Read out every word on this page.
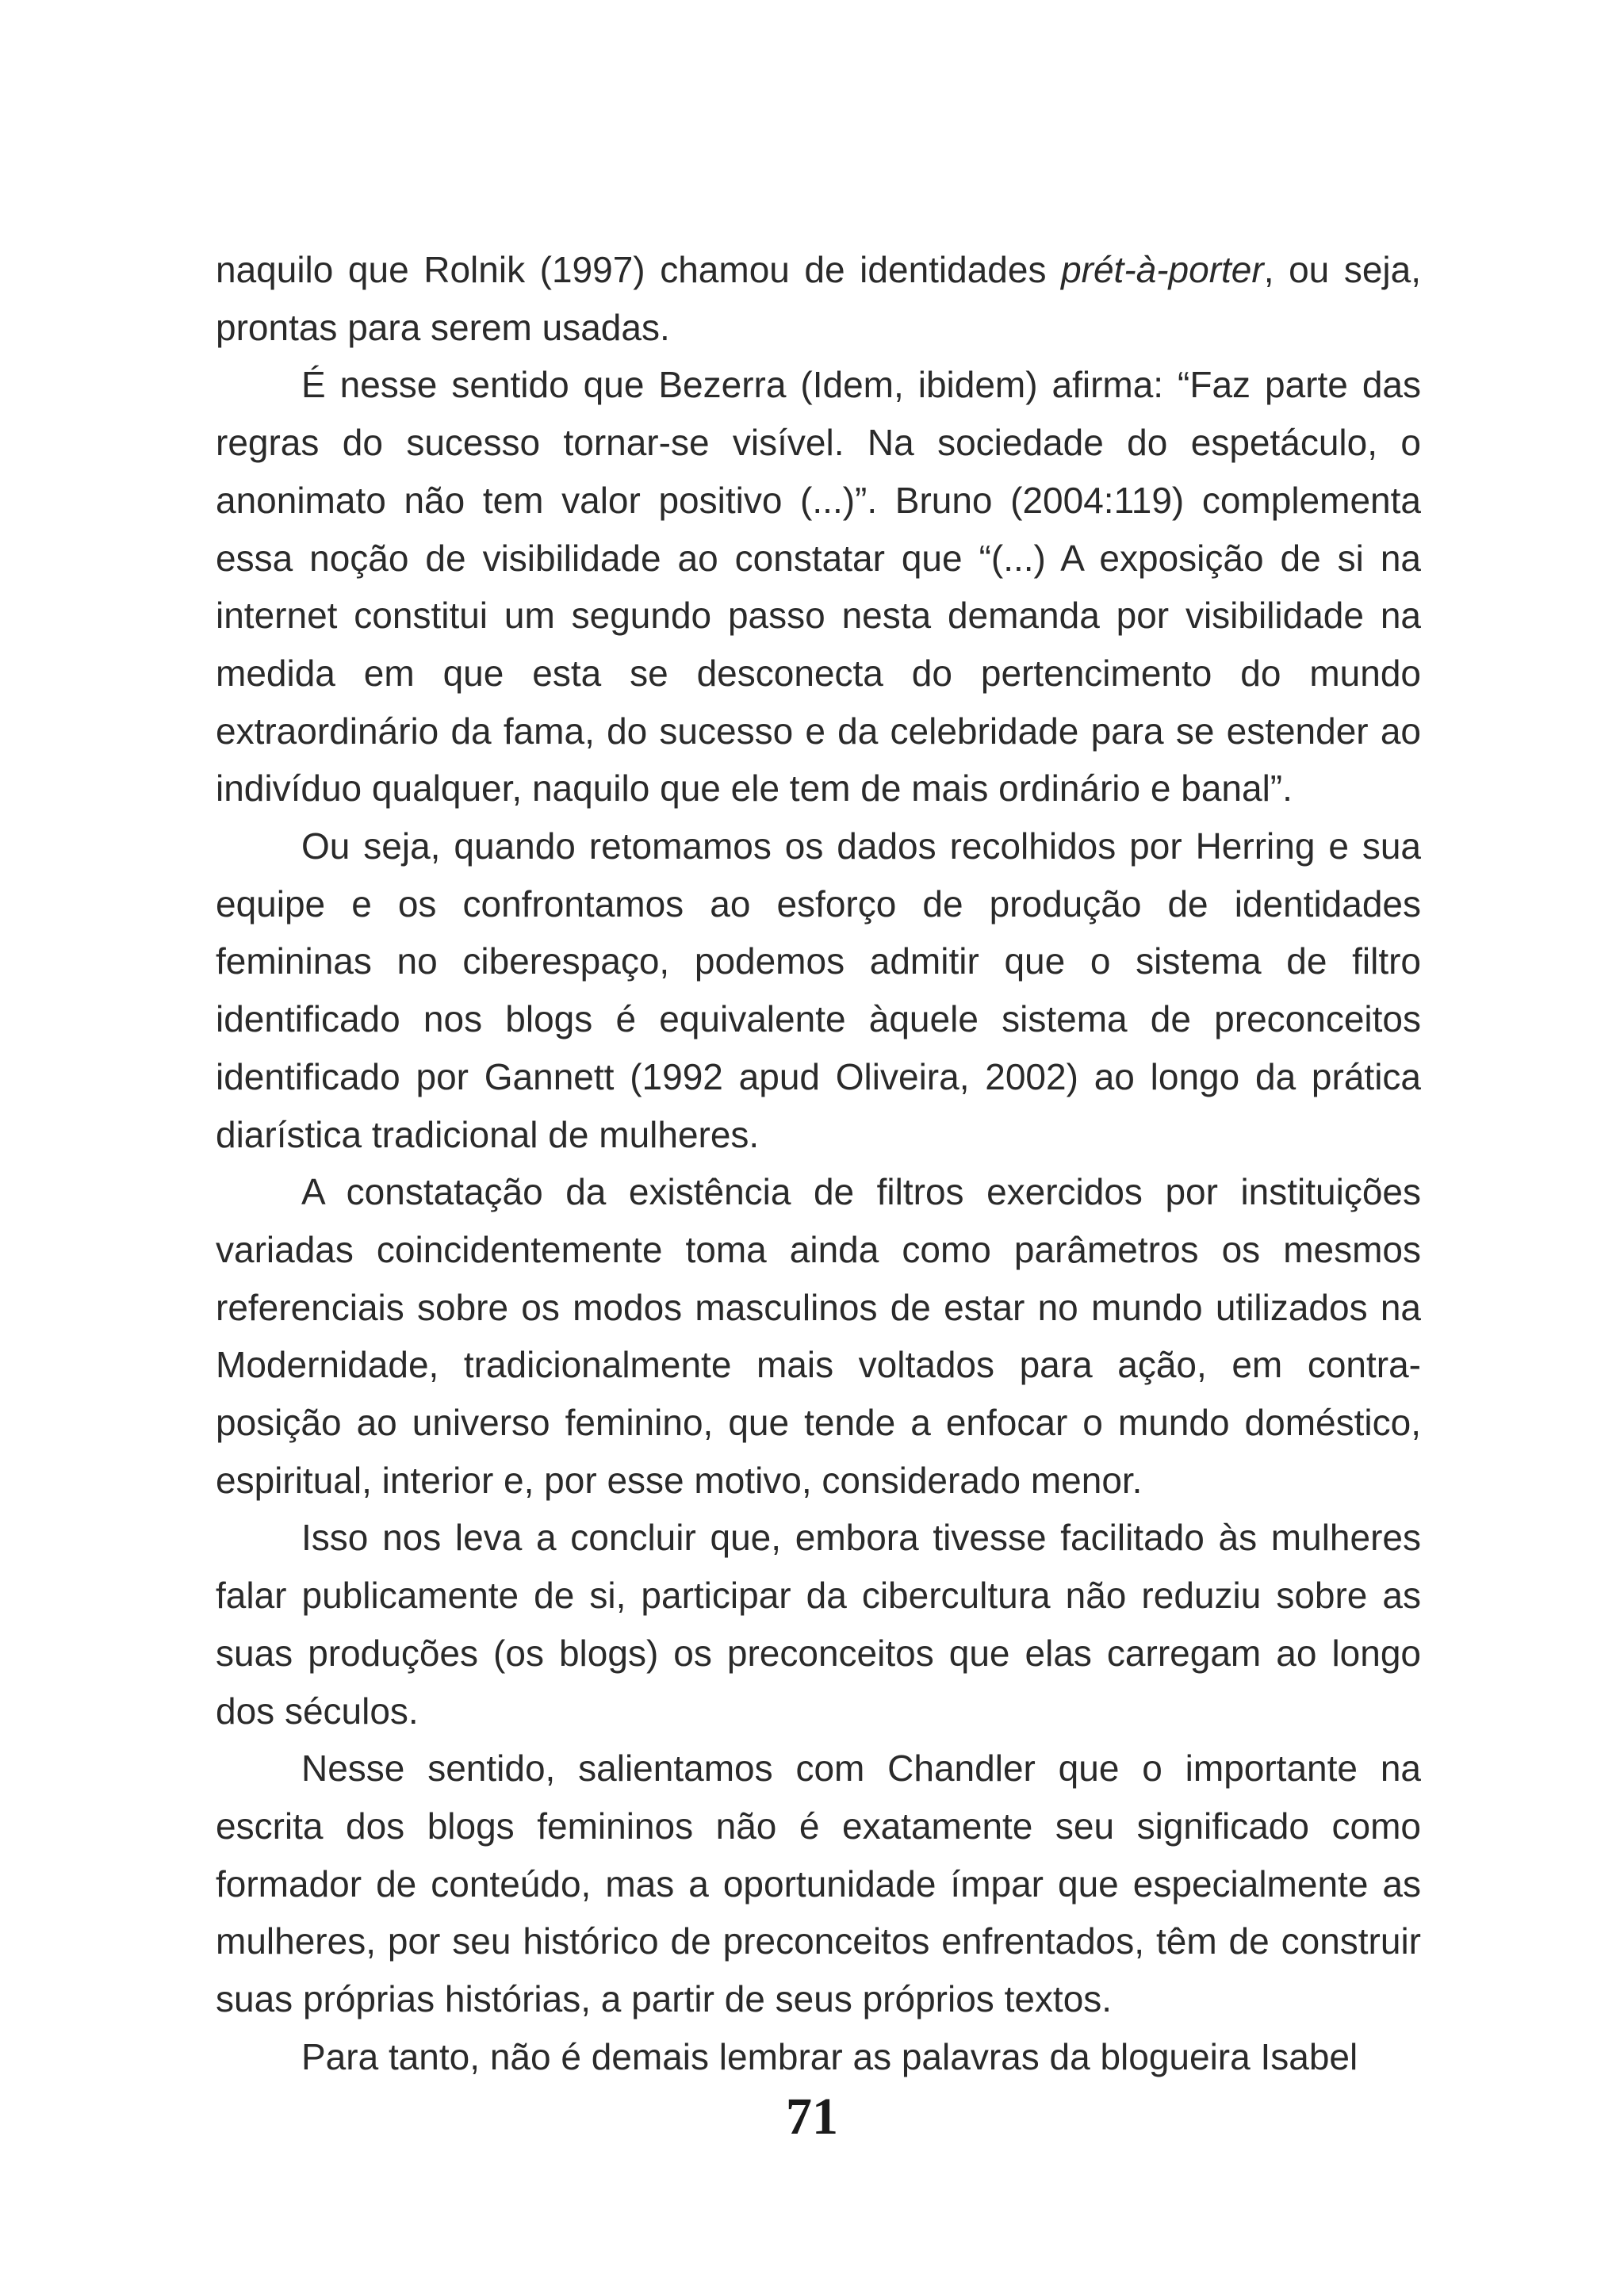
naquilo que Rolnik (1997) chamou de identidades prét-à-porter, ou seja, prontas para serem usadas.

É nesse sentido que Bezerra (Idem, ibidem) afirma: “Faz parte das regras do sucesso tornar-se visível. Na sociedade do espetáculo, o anonimato não tem valor positivo (...)”. Bruno (2004:119) complementa essa noção de visibilidade ao constatar que “(...) A exposição de si na internet constitui um segundo passo nesta demanda por visibilidade na medida em que esta se desconecta do pertencimento do mundo extraordinário da fama, do sucesso e da celebridade para se estender ao indivíduo qualquer, naquilo que ele tem de mais ordinário e banal”.

Ou seja, quando retomamos os dados recolhidos por Herring e sua equipe e os confrontamos ao esforço de produção de identidades femininas no ciberespaço, podemos admitir que o sistema de filtro identificado nos blogs é equivalente àquele sistema de preconceitos identificado por Gannett (1992 apud Oliveira, 2002) ao longo da prática diarística tradicional de mulheres.

A constatação da existência de filtros exercidos por instituições variadas coincidentemente toma ainda como parâmetros os mesmos referenciais sobre os modos masculinos de estar no mundo utilizados na Modernidade, tradicionalmente mais voltados para ação, em contra-posição ao universo feminino, que tende a enfocar o mundo doméstico, espiritual, interior e, por esse motivo, considerado menor.

Isso nos leva a concluir que, embora tivesse facilitado às mulheres falar publicamente de si, participar da cibercultura não reduziu sobre as suas produções (os blogs) os preconceitos que elas carregam ao longo dos séculos.

Nesse sentido, salientamos com Chandler que o importante na escrita dos blogs femininos não é exatamente seu significado como formador de conteúdo, mas a oportunidade ímpar que especialmente as mulheres, por seu histórico de preconceitos enfrentados, têm de construir suas próprias histórias, a partir de seus próprios textos.

Para tanto, não é demais lembrar as palavras da blogueira Isabel

71
